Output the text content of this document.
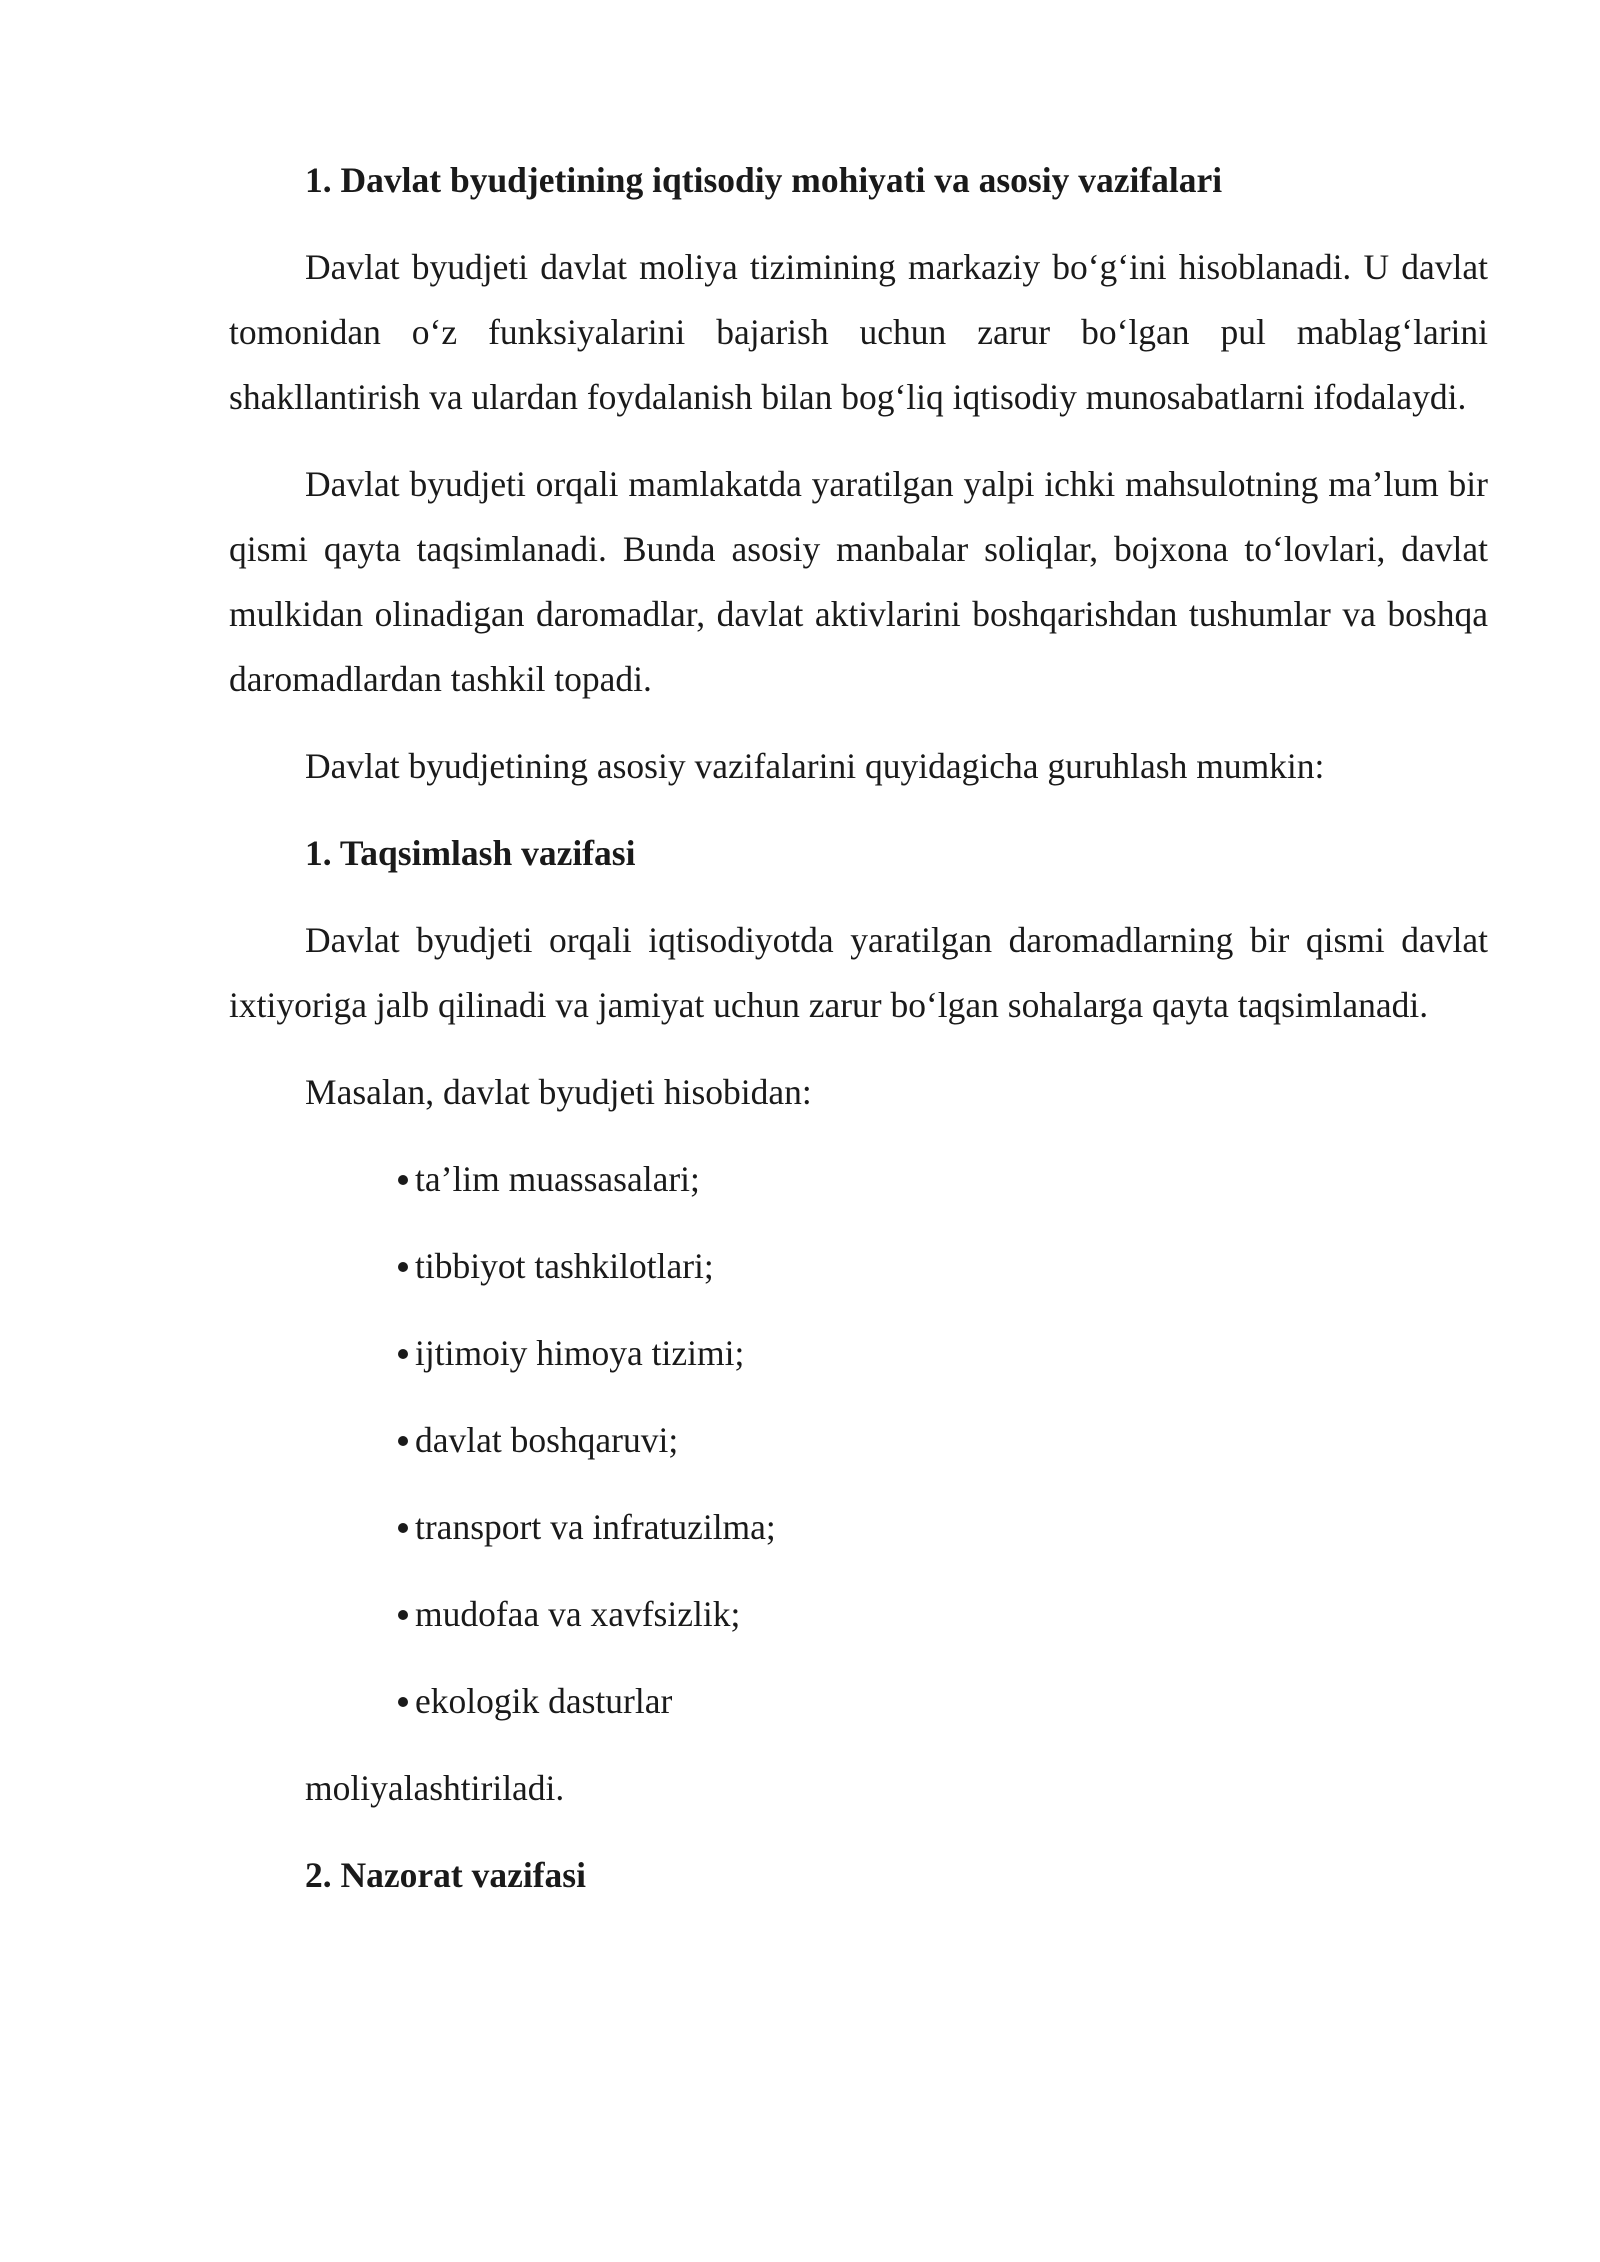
1. Davlat byudjetining iqtisodiy mohiyati va asosiy vazifalari

Davlat byudjeti davlat moliya tizimining markaziy bo‘g‘ini hisoblanadi. U davlat tomonidan o‘z funksiyalarini bajarish uchun zarur bo‘lgan pul mablag‘larini shakllantirish va ulardan foydalanish bilan bog‘liq iqtisodiy munosabatlarni ifodalaydi.

Davlat byudjeti orqali mamlakatda yaratilgan yalpi ichki mahsulotning ma’lum bir qismi qayta taqsimlanadi. Bunda asosiy manbalar soliqlar, bojxona to‘lovlari, davlat mulkidan olinadigan daromadlar, davlat aktivlarini boshqarishdan tushumlar va boshqa daromadlardan tashkil topadi.

Davlat byudjetining asosiy vazifalarini quyidagicha guruhlash mumkin:

1. Taqsimlash vazifasi

Davlat byudjeti orqali iqtisodiyotda yaratilgan daromadlarning bir qismi davlat ixtiyoriga jalb qilinadi va jamiyat uchun zarur bo‘lgan sohalarga qayta taqsimlanadi.

Masalan, davlat byudjeti hisobidan:

ta’lim muassasalari;
tibbiyot tashkilotlari;
ijtimoiy himoya tizimi;
davlat boshqaruvi;
transport va infratuzilma;
mudofaa va xavfsizlik;
ekologik dasturlar

moliyalashtiriladi.

2. Nazorat vazifasi
